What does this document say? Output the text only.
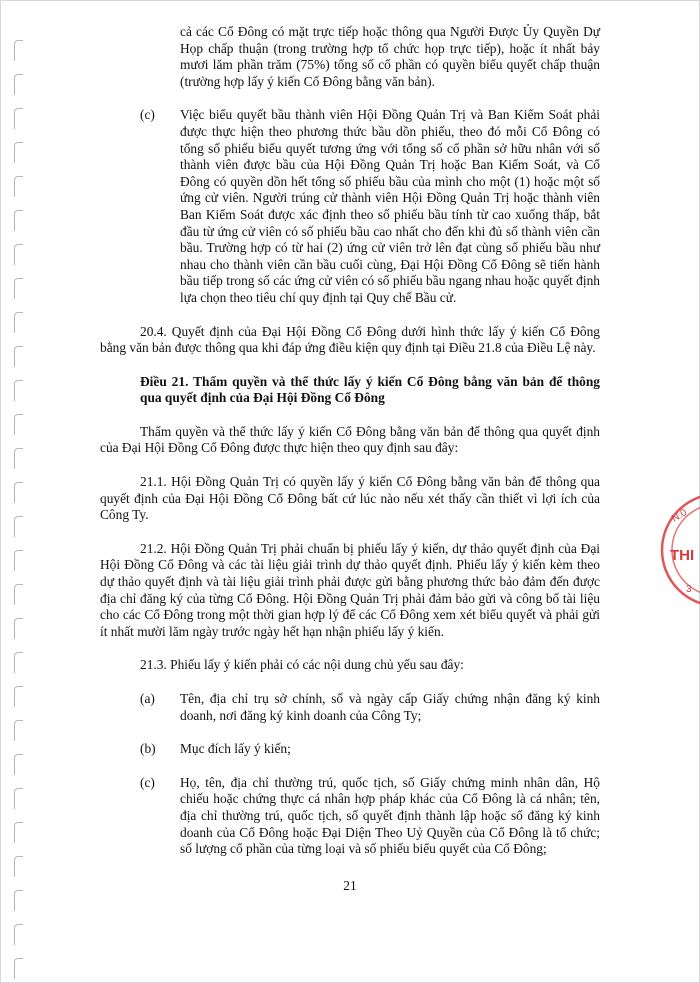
cả các Cổ Đông có mặt trực tiếp hoặc thông qua Người Được Ủy Quyền Dự Họp chấp thuận (trong trường hợp tổ chức họp trực tiếp), hoặc ít nhất bảy mươi lăm phần trăm (75%) tổng số cổ phần có quyền biểu quyết chấp thuận (trường hợp lấy ý kiến Cổ Đông bằng văn bản).

(c) Việc biểu quyết bầu thành viên Hội Đồng Quản Trị và Ban Kiểm Soát phải được thực hiện theo phương thức bầu dồn phiếu, theo đó mỗi Cổ Đông có tổng số phiếu biểu quyết tương ứng với tổng số cổ phần sở hữu nhân với số thành viên được bầu của Hội Đồng Quản Trị hoặc Ban Kiểm Soát, và Cổ Đông có quyền dồn hết tổng số phiếu bầu của mình cho một (1) hoặc một số ứng cử viên. Người trúng cử thành viên Hội Đồng Quản Trị hoặc thành viên Ban Kiểm Soát được xác định theo số phiếu bầu tính từ cao xuống thấp, bắt đầu từ ứng cử viên có số phiếu bầu cao nhất cho đến khi đủ số thành viên cần bầu. Trường hợp có từ hai (2) ứng cử viên trở lên đạt cùng số phiếu bầu như nhau cho thành viên cần bầu cuối cùng, Đại Hội Đồng Cổ Đông sẽ tiến hành bầu tiếp trong số các ứng cử viên có số phiếu bầu ngang nhau hoặc quyết định lựa chọn theo tiêu chí quy định tại Quy chế Bầu cử.

20.4. Quyết định của Đại Hội Đồng Cổ Đông dưới hình thức lấy ý kiến Cổ Đông bằng văn bản được thông qua khi đáp ứng điều kiện quy định tại Điều 21.8 của Điều Lệ này.

Điều 21. Thẩm quyền và thể thức lấy ý kiến Cổ Đông bằng văn bản để thông qua quyết định của Đại Hội Đồng Cổ Đông

Thẩm quyền và thể thức lấy ý kiến Cổ Đông bằng văn bản để thông qua quyết định của Đại Hội Đồng Cổ Đông được thực hiện theo quy định sau đây:

21.1. Hội Đồng Quản Trị có quyền lấy ý kiến Cổ Đông bằng văn bản để thông qua quyết định của Đại Hội Đồng Cổ Đông bất cứ lúc nào nếu xét thấy cần thiết vì lợi ích của Công Ty.

21.2. Hội Đồng Quản Trị phải chuẩn bị phiếu lấy ý kiến, dự thảo quyết định của Đại Hội Đồng Cổ Đông và các tài liệu giải trình dự thảo quyết định. Phiếu lấy ý kiến kèm theo dự thảo quyết định và tài liệu giải trình phải được gửi bằng phương thức bảo đảm đến được địa chỉ đăng ký của từng Cổ Đông. Hội Đồng Quản Trị phải đảm bảo gửi và công bố tài liệu cho các Cổ Đông trong một thời gian hợp lý để các Cổ Đông xem xét biểu quyết và phải gửi ít nhất mười lăm ngày trước ngày hết hạn nhận phiếu lấy ý kiến.

21.3. Phiếu lấy ý kiến phải có các nội dung chủ yếu sau đây:

(a) Tên, địa chỉ trụ sở chính, số và ngày cấp Giấy chứng nhận đăng ký kinh doanh, nơi đăng ký kinh doanh của Công Ty;

(b) Mục đích lấy ý kiến;

(c) Họ, tên, địa chỉ thường trú, quốc tịch, số Giấy chứng minh nhân dân, Hộ chiếu hoặc chứng thực cá nhân hợp pháp khác của Cổ Đông là cá nhân; tên, địa chỉ thường trú, quốc tịch, số quyết định thành lập hoặc số đăng ký kinh doanh của Cổ Đông hoặc Đại Diện Theo Uỷ Quyền của Cổ Đông là tổ chức; số lượng cổ phần của từng loại và số phiếu biểu quyết của Cổ Đông;

21
N.0
THI
3
